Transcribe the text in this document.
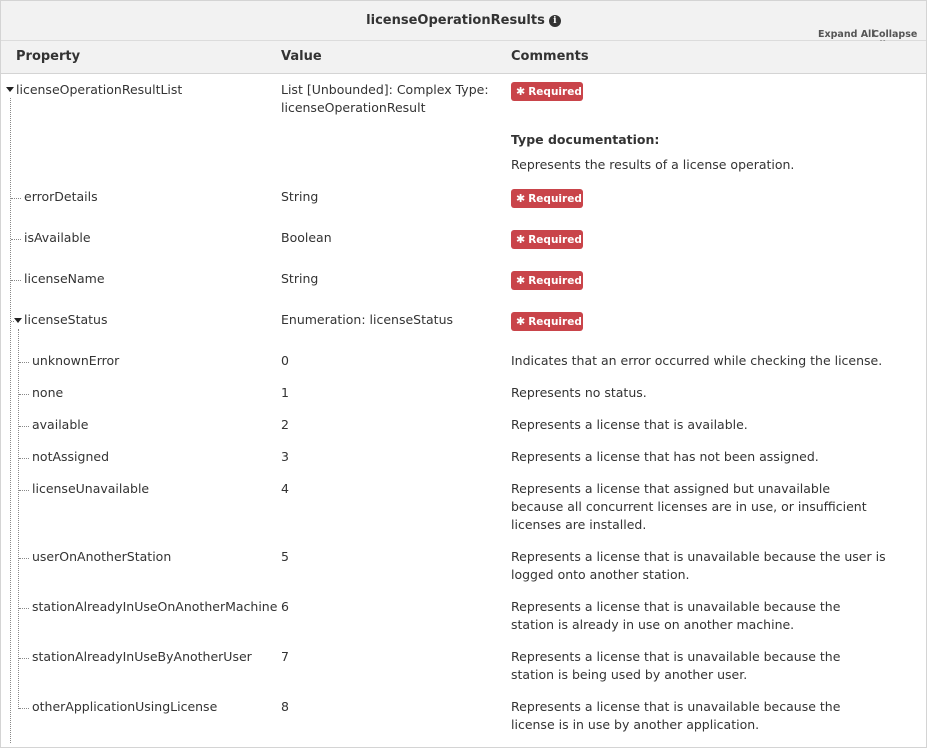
licenseOperationResults i
Expand All
Collapse
Property	Value	Comments
licenseOperationResultList	List [Unbounded]: Complex Type: licenseOperationResult
✱ Required
Type documentation:
Represents the results of a license operation.
errorDetails	String	✱ Required
isAvailable	Boolean	✱ Required
licenseName	String	✱ Required
licenseStatus	Enumeration: licenseStatus	✱ Required
unknownError	0	Indicates that an error occurred while checking the license.
none	1	Represents no status.
available	2	Represents a license that is available.
notAssigned	3	Represents a license that has not been assigned.
licenseUnavailable	4	Represents a license that assigned but unavailable because all concurrent licenses are in use, or insufficient licenses are installed.
userOnAnotherStation	5	Represents a license that is unavailable because the user is logged onto another station.
stationAlreadyInUseOnAnotherMachine 6	Represents a license that is unavailable because the station is already in use on another machine.
stationAlreadyInUseByAnotherUser 7	Represents a license that is unavailable because the station is being used by another user.
otherApplicationUsingLicense	8	Represents a license that is unavailable because the license is in use by another application.
